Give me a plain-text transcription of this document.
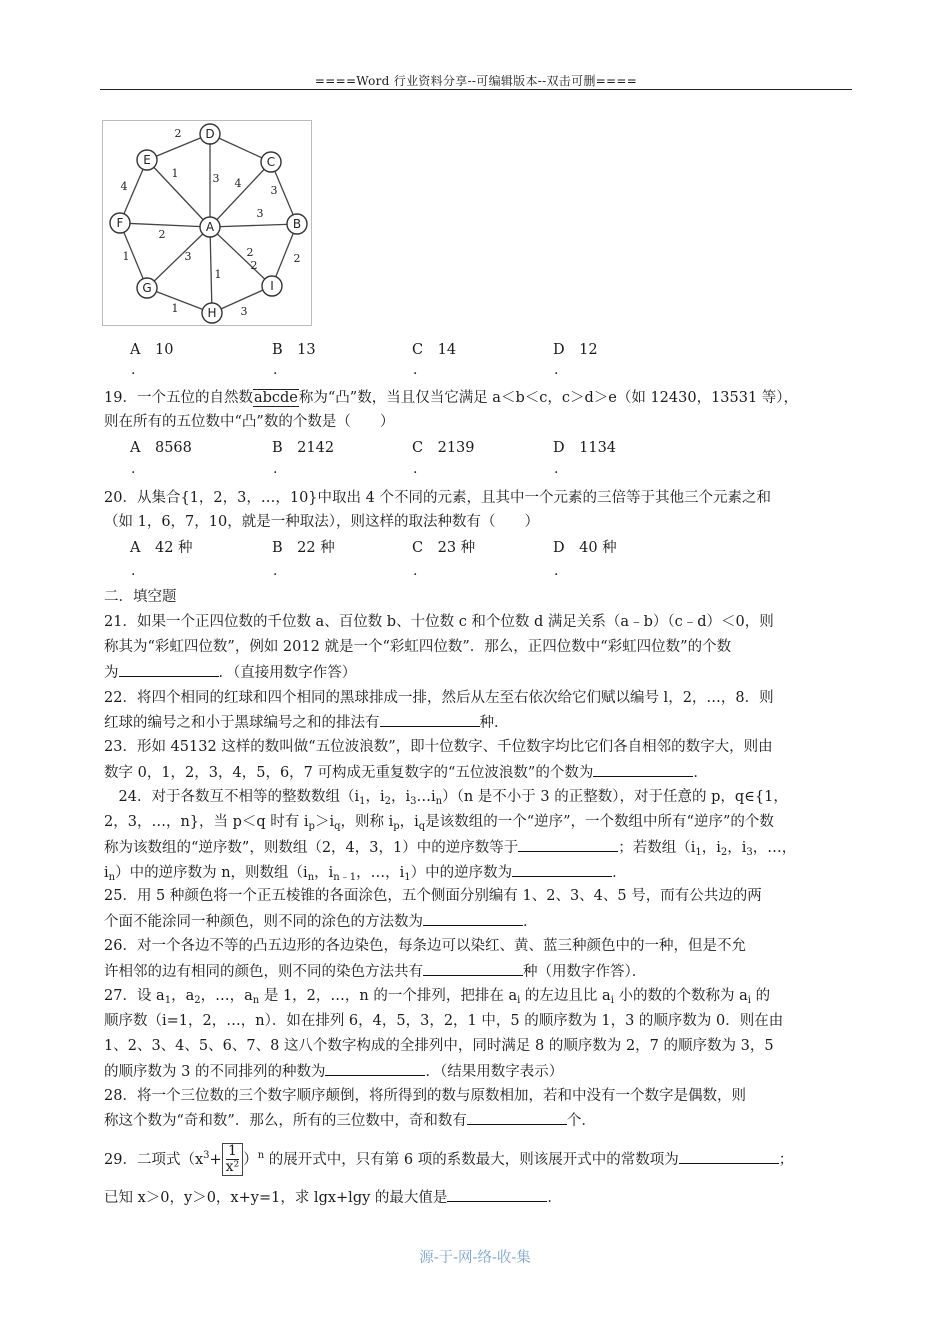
====Word 行业资料分享--可编辑版本--双击可删====
A	B
C
D
E
F
G
H
I
2
3 4
1
3
4
2
3	2	2
1
2
1
3
3
1
A　10	B　13	C　14	D　12
.	.	.	.
19．一个五位的自然数abcde称为“凸”数，当且仅当它满足 a＜b＜c，c＞d＞e（如 12430，13531 等），
则在所有的五位数中“凸”数的个数是（　　）
A　8568	B　2142	C　2139	D　1134
.	.	.	.
20．从集合{1，2，3，…，10}中取出 4 个不同的元素，且其中一个元素的三倍等于其他三个元素之和
（如 1，6，7，10，就是一种取法），则这样的取法种数有（　　）
A　42 种	B　22 种	C　23 种	D　40 种
.	.	.	.
二．填空题
21．如果一个正四位数的千位数 a、百位数 b、十位数 c 和个位数 d 满足关系（a﹣b）（c﹣d）＜0，则
称其为“彩虹四位数”，例如 2012 就是一个“彩虹四位数”．那么，正四位数中“彩虹四位数”的个数
为	．（直接用数字作答）
22．将四个相同的红球和四个相同的黑球排成一排，然后从左至右依次给它们赋以编号 l，2，…，8．则
红球的编号之和小于黑球编号之和的排法有	种．
23．形如 45132 这样的数叫做“五位波浪数”，即十位数字、千位数字均比它们各自相邻的数字大，则由
数字 0，1，2，3，4，5，6，7 可构成无重复数字的“五位波浪数”的个数为	．
　24．对于各数互不相等的整数数组（$i_1$，$i_2$，$i_3\dots i_n)(n$ 是不小于 3 的正整数），对于任意的 p，q∈{1，
2，3，…，n}，当 p＜q 时有 $i_p>i_q$，则称 $i_p$，$i_q$是该数组的一个“逆序”，一个数组中所有“逆序”的个数
称为该数组的“逆序数”，则数组（2，4，3，1）中的逆序数等于	；若数组（$i_1$，$i_2$，$i_3$，…，
$i_n$）中的逆序数为 n，则数组（$i_n$，$i_{n﹣1}$，…，$i_1$）中的逆序数为	．
25．用 5 种颜色将一个正五棱锥的各面涂色，五个侧面分别编有 1、2、3、4、5 号，而有公共边的两
个面不能涂同一种颜色，则不同的涂色的方法数为	．
26．对一个各边不等的凸五边形的各边染色，每条边可以染红、黄、蓝三种颜色中的一种，但是不允
许相邻的边有相同的颜色，则不同的染色方法共有	种（用数字作答）．
27．设 $a_1$，$a_2$，…，$a_n$ 是 1，2，…，n 的一个排列，把排在 $a_i$ 的左边且比 $a_i$ 小的数的个数称为 $a_i$ 的
顺序数（i=1，2，…，n）．如在排列 6，4，5，3，2，1 中，5 的顺序数为 1，3 的顺序数为 0．则在由
1、2、3、4、5、6、7、8 这八个数字构成的全排列中，同时满足 8 的顺序数为 2，7 的顺序数为 3，5
的顺序数为 3 的不同排列的种数为	．（结果用数字表示）
28．将一个三位数的三个数字顺序颠倒，将所得到的数与原数相加，若和中没有一个数字是偶数，则
称这个数为“奇和数”．那么，所有的三位数中，奇和数有	个．
29．二项式$(x^3+ \frac{1}{\text{x²}})^n$ 的展开式中，只有第 6 项的系数最大，则该展开式中的常数项为	；
已知 x＞0，y＞0，x+y=1，求 lgx+lgy 的最大值是	．
源-于-网-络-收-集
